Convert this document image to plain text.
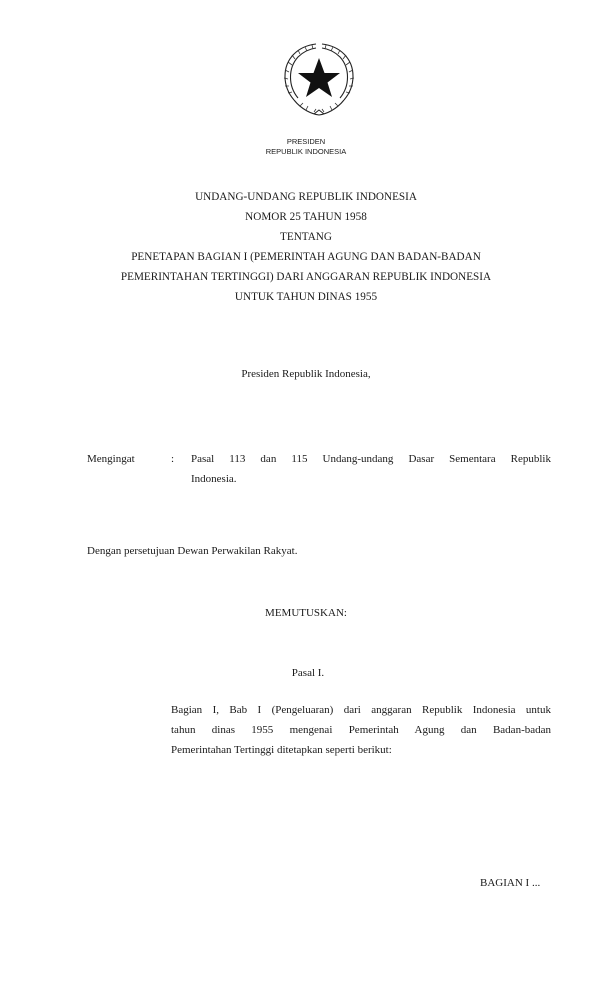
PRESIDEN
REPUBLIK INDONESIA
UNDANG-UNDANG REPUBLIK INDONESIA
NOMOR 25 TAHUN 1958
TENTANG
PENETAPAN BAGIAN I (PEMERINTAH AGUNG DAN BADAN-BADAN
PEMERINTAHAN TERTINGGI) DARI ANGGARAN REPUBLIK INDONESIA
UNTUK TAHUN DINAS 1955
Presiden Republik Indonesia,
Mengingat	: Pasal 113 dan 115 Undang-undang Dasar Sementara Republik
Indonesia.
Dengan persetujuan Dewan Perwakilan Rakyat.
MEMUTUSKAN:
Pasal I.
Bagian I, Bab I (Pengeluaran) dari anggaran Republik Indonesia untuk
tahun dinas 1955 mengenai Pemerintah Agung dan Badan-badan
Pemerintahan Tertinggi ditetapkan seperti berikut:
BAGIAN I ...
